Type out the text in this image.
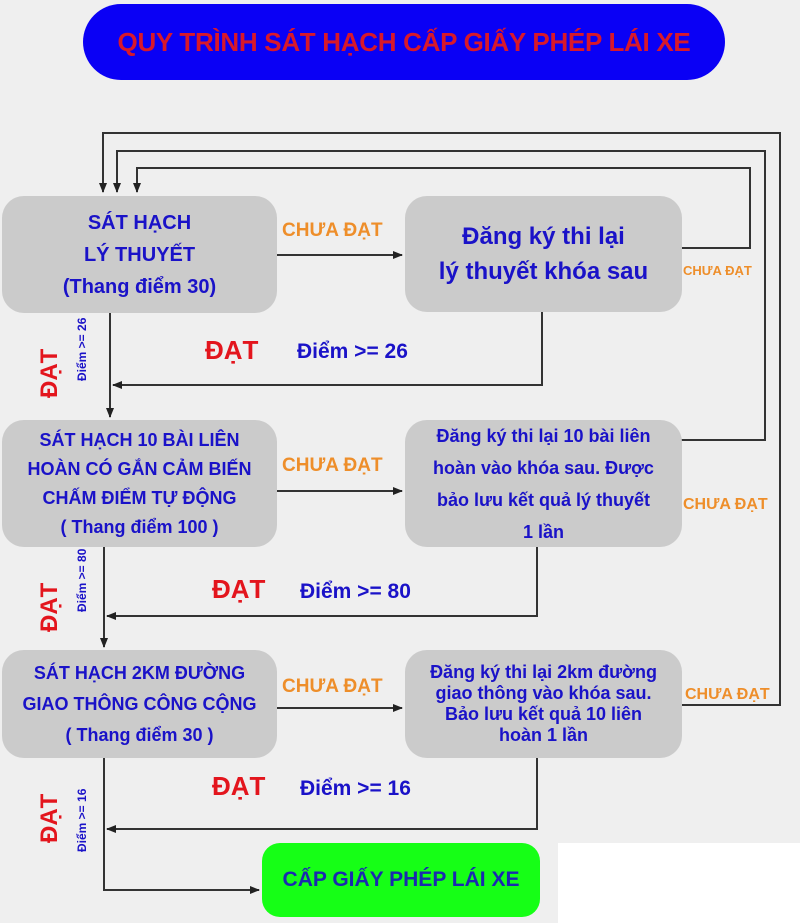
QUY TRÌNH SÁT HẠCH CẤP GIẤY PHÉP LÁI XE
SÁT HẠCH
LÝ THUYẾT
(Thang điểm 30)
CHƯA ĐẠT	Đăng ký thi lại
lý thuyết khóa sau	CHƯA ĐẠT
ĐẠT Điểm >= 26
ĐẠT Điểm >= 26
SÁT HẠCH 10 BÀI LIÊN
HOÀN CÓ GẮN CẢM BIẾN
CHẤM ĐIỂM TỰ ĐỘNG
( Thang điểm 100 )
CHƯA ĐẠT
Đăng ký thi lại 10 bài liên
hoàn vào khóa sau. Được
bảo lưu kết quả lý thuyết
1 lần
CHƯA ĐẠT
ĐẠT Điểm >= 80
ĐẠT Điểm >= 80
SÁT HẠCH 2KM ĐƯỜNG
GIAO THÔNG CÔNG CỘNG
( Thang điểm 30 )
CHƯA ĐẠT
Đăng ký thi lại 2km đường
giao thông vào khóa sau.
Bảo lưu kết quả 10 liên
hoàn 1 lần
CHƯA ĐẠT
ĐẠT Điểm >= 16
ĐẠT Điểm >= 16
CẤP GIẤY PHÉP LÁI XE
